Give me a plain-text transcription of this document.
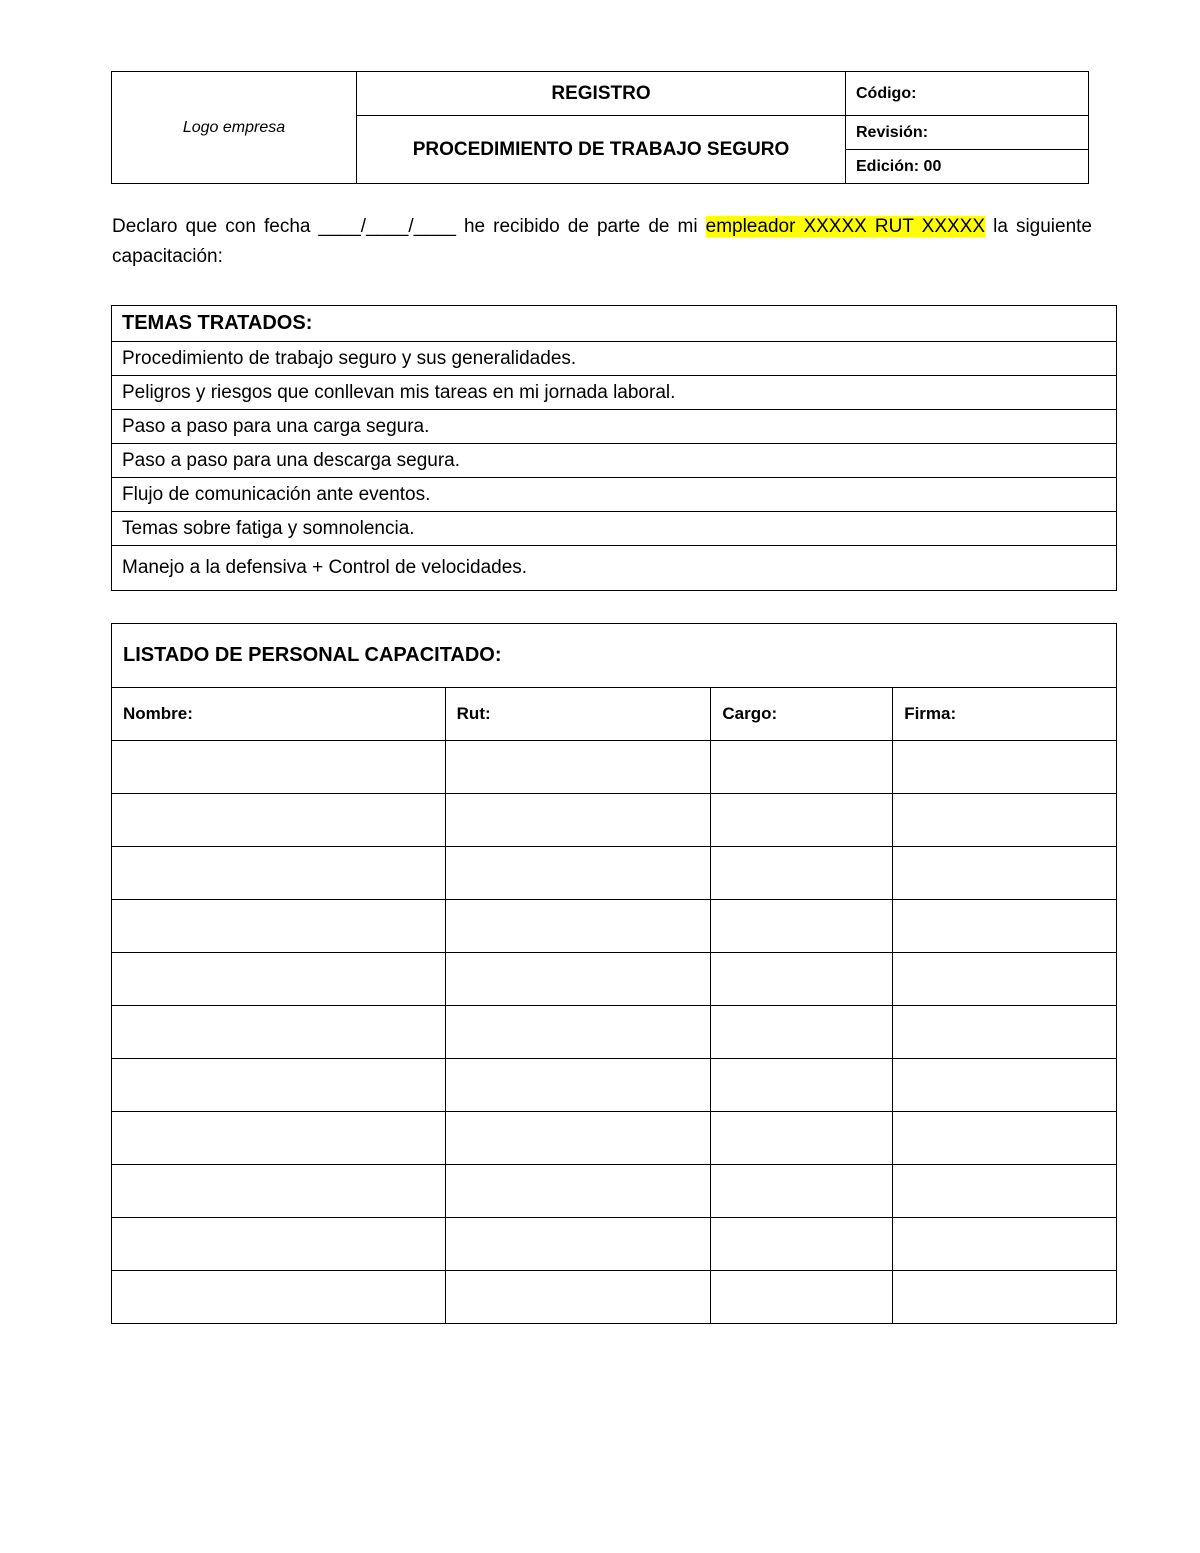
Logo empresa	REGISTRO	Código:
	PROCEDIMIENTO DE TRABAJO SEGURO	Revisión:
		Edición: 00

Declaro que con fecha ____/____/____ he recibido de parte de mi empleador XXXXX RUT XXXXX la siguiente capacitación:

TEMAS TRATADOS:
Procedimiento de trabajo seguro y sus generalidades.
Peligros y riesgos que conllevan mis tareas en mi jornada laboral.
Paso a paso para una carga segura.
Paso a paso para una descarga segura.
Flujo de comunicación ante eventos.
Temas sobre fatiga y somnolencia.
Manejo a la defensiva + Control de velocidades.
LISTADO DE PERSONAL CAPACITADO:			
Nombre:	Rut:	Cargo:	Firma:
